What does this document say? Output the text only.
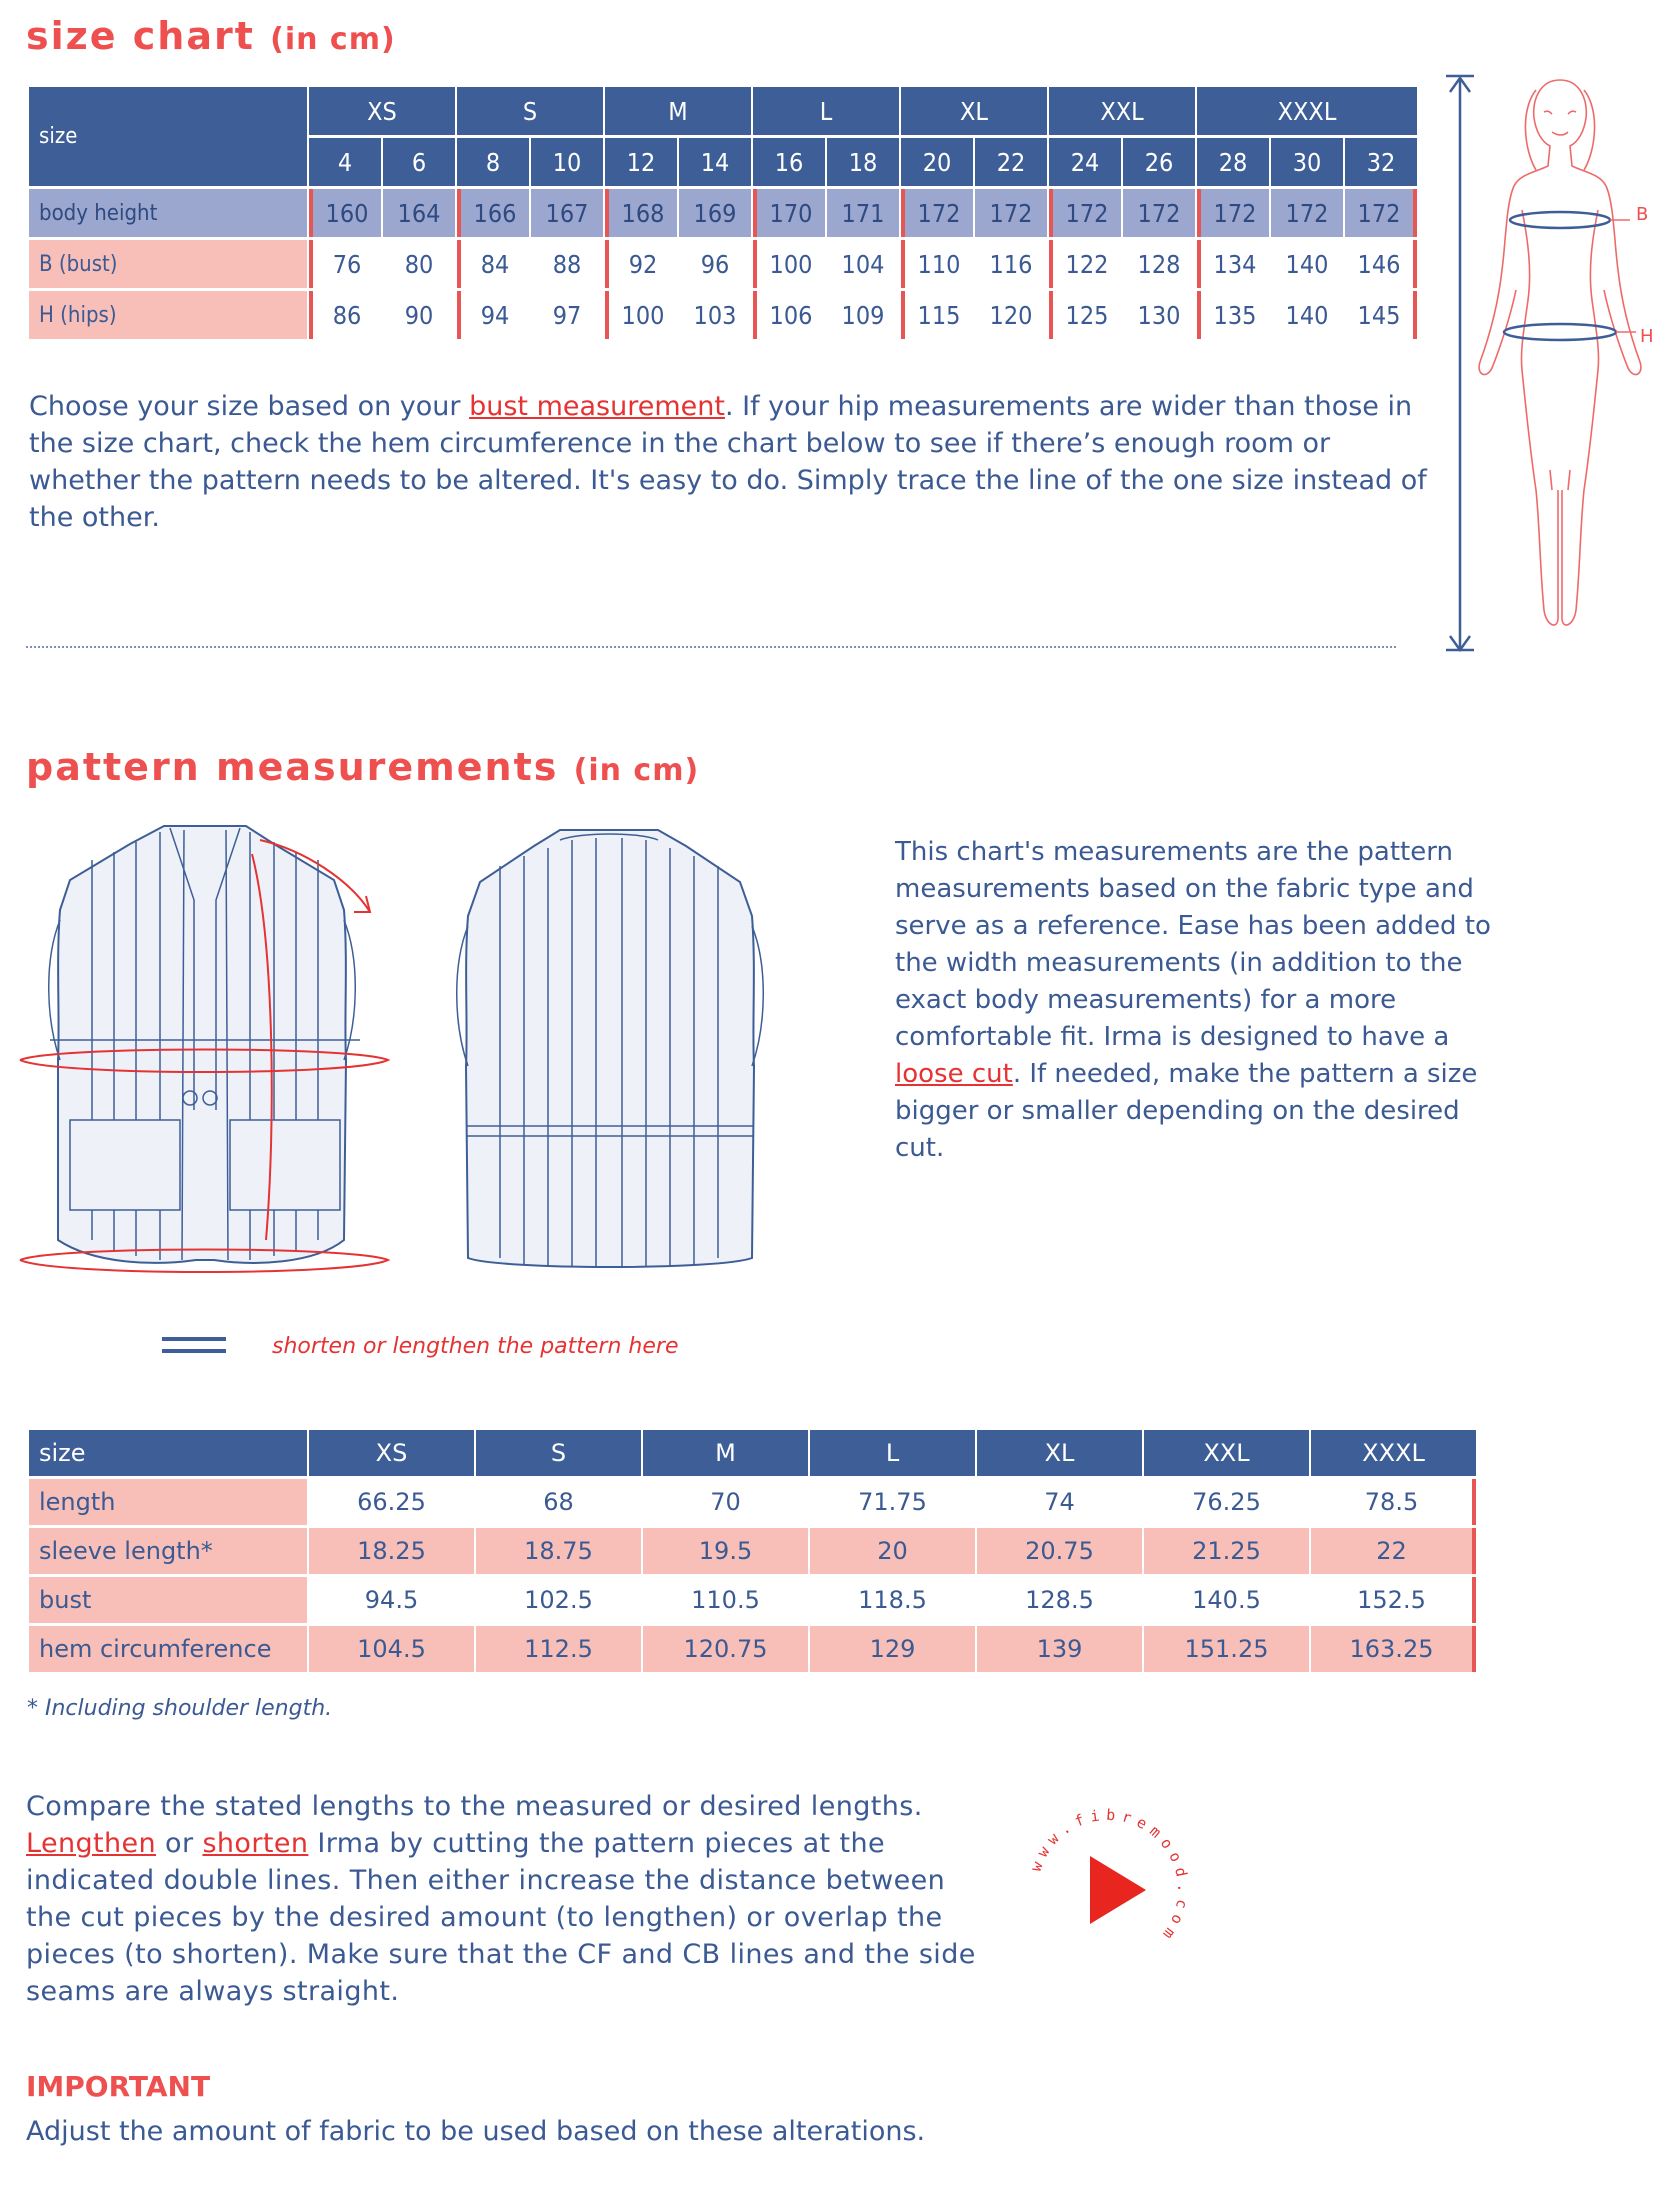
size chart (in cm)
size	XS		S		M		L		XL		XXL		XXXL		
	4	6	8	10	12	14	16	18	20	22	24	26	28	30	32
body height	160	164	166	167	168	169	170	171	172	172	172	172	172	172	172
B (bust)	76	80	84	88	92	96	100	104	110	116	122	128	134	140	146
H (hips)	86	90	94	97	100	103	106	109	115	120	125	130	135	140	145
B
H
Choose your size based on your bust measurement. If your hip measurements are wider than those in the size chart, check the hem circumference in the chart below to see if there’s enough room or whether the pattern needs to be altered. It's easy to do. Simply trace the line of the one size instead of the other.
pattern measurements (in cm)
This chart's measurements are the pattern measurements based on the fabric type and serve as a reference. Ease has been added to the width measurements (in addition to the exact body measurements) for a more comfortable fit. Irma is designed to have a loose cut. If needed, make the pattern a size bigger or smaller depending on the desired cut.
shorten or lengthen the pattern here
size	XS	S	M	L	XL	XXL	XXXL
length	66.25	68	70	71.75	74	76.25	78.5
sleeve length*	18.25	18.75	19.5	20	20.75	21.25	22
bust	94.5	102.5	110.5	118.5	128.5	140.5	152.5
hem circumference	104.5	112.5	120.75	129	139	151.25	163.25
* Including shoulder length.
Compare the stated lengths to the measured or desired lengths. Lengthen or shorten Irma by cutting the pattern pieces at the indicated double lines. Then either increase the distance between the cut pieces by the desired amount (to lengthen) or overlap the pieces (to shorten). Make sure that the CF and CB lines and the side seams are always straight.
www.fibremood.com
IMPORTANT
Adjust the amount of fabric to be used based on these alterations.
